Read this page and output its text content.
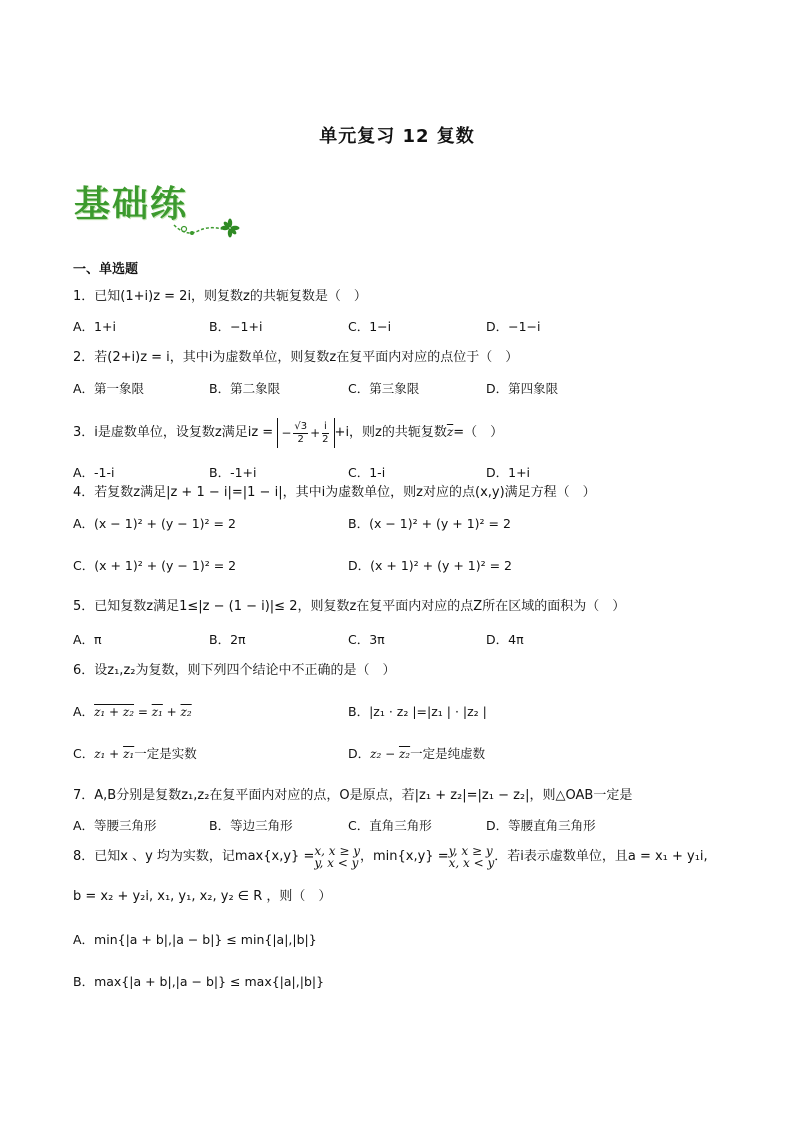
单元复习 12 复数
基础练
一、单选题
1．已知(1+i)z = 2i，则复数z的共轭复数是（　）
A．1+i	B．−1+i	C．1−i	D．−1−i
2．若(2+i)z = i，其中i为虚数单位，则复数z在复平面内对应的点位于（　）
A．第一象限	B．第二象限	C．第三象限	D．第四象限
3．i是虚数单位，设复数z满足iz = − $\frac{√3}{2} + \frac{i}{2} +i$，则z的共轭复数$\overline{z}=$（　）
A．-1-i	B．-1+i	C．1-i	D．1+i
4．若复数z满足|z + 1 − i|=|1 − i|，其中i为虚数单位，则z对应的点(x,y)满足方程（　）
A．(x − 1)² + (y − 1)² = 2	B．(x − 1)² + (y + 1)² = 2
C．(x + 1)² + (y − 1)² = 2	D．(x + 1)² + (y + 1)² = 2
5．已知复数z满足1≤|z − (1 − i)|≤ 2，则复数z在复平面内对应的点Z所在区域的面积为（　）
A．π	B．2π	C．3π	D．4π
6．设z₁,z₂为复数，则下列四个结论中不正确的是（　）
A．z₁ + z₂ = z₁ + z₂	B．|z₁ · z₂ |=|z₁ | · |z₂ |
C．z₁ + z₁一定是实数	D．z₂ − z₂一定是纯虚数
7．A,B分别是复数z₁,z₂在复平面内对应的点，O是原点，若|z₁ + z₂|=|z₁ − z₂|，则△OAB一定是
A．等腰三角形	B．等边三角形	C．直角三角形	D．等腰直角三角形
8．已知x 、y 均为实数，记max{x,y} = x, x ≥ y
y, x < y ，min{x,y} = y, x ≥ y
x, x < y ．若i表示虚数单位，且a = x₁ + y₁i,
b = x₂ + y₂i, x₁, y₁, x₂, y₂ ∈ R ，则（　）
A．min{|a + b|,|a − b|} ≤ min{|a|,|b|}
B．max{|a + b|,|a − b|} ≤ max{|a|,|b|}
